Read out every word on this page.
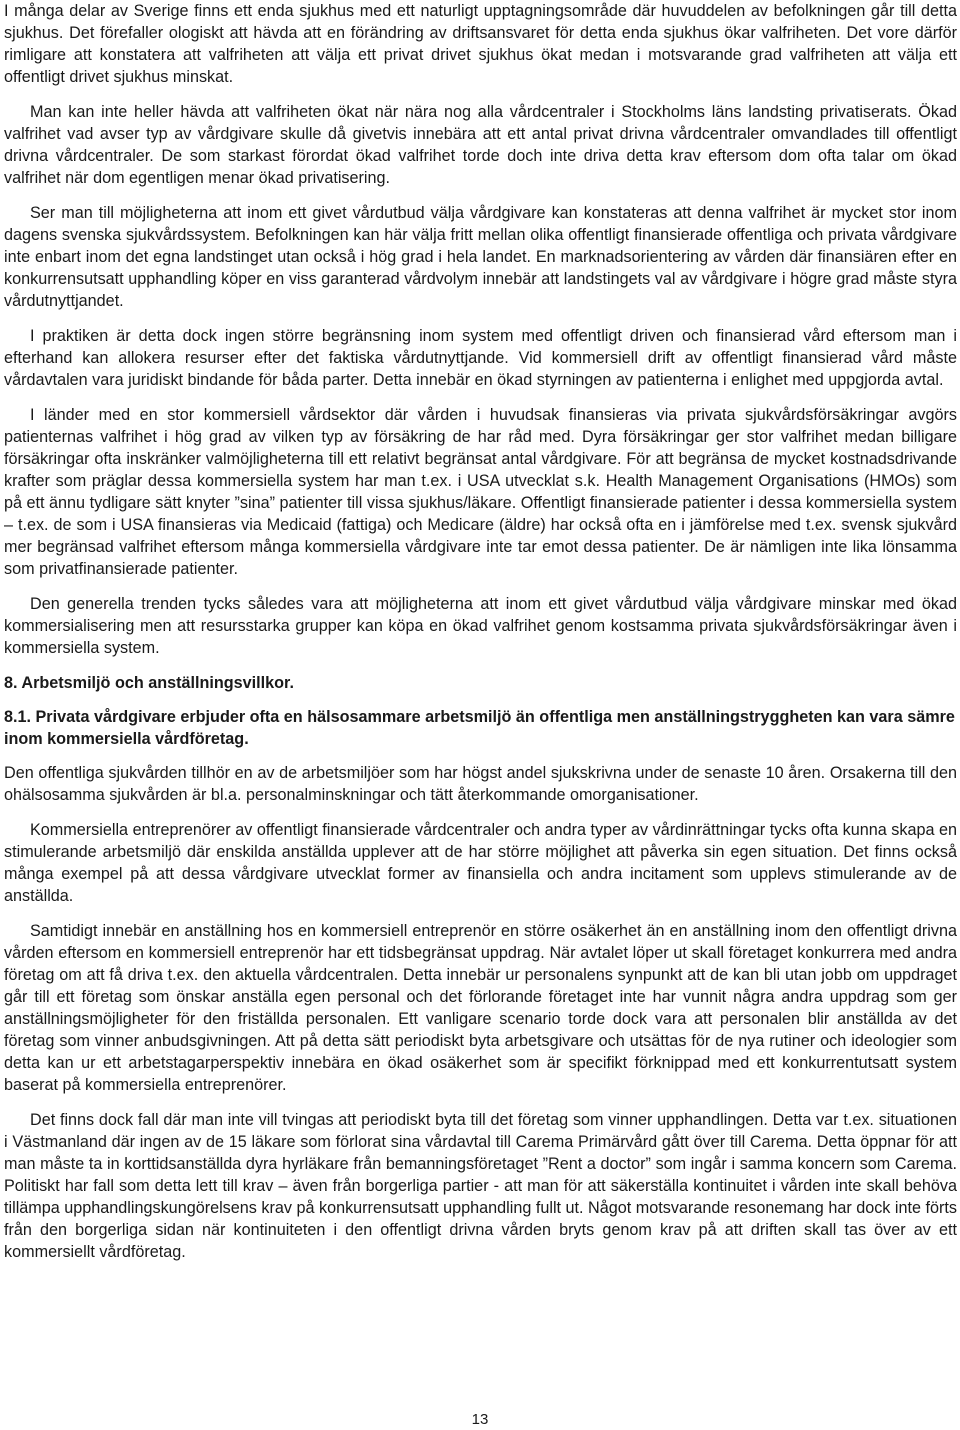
I många delar av Sverige finns ett enda sjukhus med ett naturligt upptagningsområde där huvuddelen av befolkningen går till detta sjukhus. Det förefaller ologiskt att hävda att en förändring av driftsansvaret för detta enda sjukhus ökar valfriheten. Det vore därför rimligare att konstatera att valfriheten att välja ett privat drivet sjukhus ökat medan i motsvarande grad valfriheten att välja ett offentligt drivet sjukhus minskat.

Man kan inte heller hävda att valfriheten ökat när nära nog alla vårdcentraler i Stockholms läns landsting privatiserats. Ökad valfrihet vad avser typ av vårdgivare skulle då givetvis innebära att ett antal privat drivna vårdcentraler omvandlades till offentligt drivna vårdcentraler. De som starkast förordat ökad valfrihet torde doch inte driva detta krav eftersom dom ofta talar om ökad valfrihet när dom egentligen menar ökad privatisering.

Ser man till möjligheterna att inom ett givet vårdutbud välja vårdgivare kan konstateras att denna valfrihet är mycket stor inom dagens svenska sjukvårdssystem. Befolkningen kan här välja fritt mellan olika offentligt finansierade offentliga och privata vårdgivare inte enbart inom det egna landstinget utan också i hög grad i hela landet. En marknadsorientering av vården där finansiären efter en konkurrensutsatt upphandling köper en viss garanterad vårdvolym innebär att landstingets val av vårdgivare i högre grad måste styra vårdutnyttjandet.

I praktiken är detta dock ingen större begränsning inom system med offentligt driven och finansierad vård eftersom man i efterhand kan allokera resurser efter det faktiska vårdutnyttjande. Vid kommersiell drift av offentligt finansierad vård måste vårdavtalen vara juridiskt bindande för båda parter. Detta innebär en ökad styrningen av patienterna i enlighet med uppgjorda avtal.

I länder med en stor kommersiell vårdsektor där vården i huvudsak finansieras via privata sjukvårdsförsäkringar avgörs patienternas valfrihet i hög grad av vilken typ av försäkring de har råd med. Dyra försäkringar ger stor valfrihet medan billigare försäkringar ofta inskränker valmöjligheterna till ett relativt begränsat antal vårdgivare. För att begränsa de mycket kostnadsdrivande krafter som präglar dessa kommersiella system har man t.ex. i USA utvecklat s.k. Health Management Organisations (HMOs) som på ett ännu tydligare sätt knyter ”sina” patienter till vissa sjukhus/läkare. Offentligt finansierade patienter i dessa kommersiella system – t.ex. de som i USA finansieras via Medicaid (fattiga) och Medicare (äldre) har också ofta en i jämförelse med t.ex. svensk sjukvård mer begränsad valfrihet eftersom många kommersiella vårdgivare inte tar emot dessa patienter. De är nämligen inte lika lönsamma som privatfinansierade patienter.

Den generella trenden tycks således vara att möjligheterna att inom ett givet vårdutbud välja vårdgivare minskar med ökad kommersialisering men att resursstarka grupper kan köpa en ökad valfrihet genom kostsamma privata sjukvårdsförsäkringar även i kommersiella system.

8. Arbetsmiljö och anställningsvillkor.
8.1. Privata vårdgivare erbjuder ofta en hälsosammare arbetsmiljö än offentliga men anställningstryggheten kan vara sämre inom kommersiella vårdföretag.

Den offentliga sjukvården tillhör en av de arbetsmiljöer som har högst andel sjukskrivna under de senaste 10 åren. Orsakerna till den ohälsosamma sjukvården är bl.a. personalminskningar och tätt återkommande omorganisationer.

Kommersiella entreprenörer av offentligt finansierade vårdcentraler och andra typer av vårdinrättningar tycks ofta kunna skapa en stimulerande arbetsmiljö där enskilda anställda upplever att de har större möjlighet att påverka sin egen situation. Det finns också många exempel på att dessa vårdgivare utvecklat former av finansiella och andra incitament som upplevs stimulerande av de anställda.

Samtidigt innebär en anställning hos en kommersiell entreprenör en större osäkerhet än en anställning inom den offentligt drivna vården eftersom en kommersiell entreprenör har ett tidsbegränsat uppdrag. När avtalet löper ut skall företaget konkurrera med andra företag om att få driva t.ex. den aktuella vårdcentralen. Detta innebär ur personalens synpunkt att de kan bli utan jobb om uppdraget går till ett företag som önskar anställa egen personal och det förlorande företaget inte har vunnit några andra uppdrag som ger anställningsmöjligheter för den friställda personalen. Ett vanligare scenario torde dock vara att personalen blir anställda av det företag som vinner anbudsgivningen. Att på detta sätt periodiskt byta arbetsgivare och utsättas för de nya rutiner och ideologier som detta kan ur ett arbetstagarperspektiv innebära en ökad osäkerhet som är specifikt förknippad med ett konkurrentutsatt system baserat på kommersiella entreprenörer.

Det finns dock fall där man inte vill tvingas att periodiskt byta till det företag som vinner upphandlingen. Detta var t.ex. situationen i Västmanland där ingen av de 15 läkare som förlorat sina vårdavtal till Carema Primärvård gått över till Carema. Detta öppnar för att man måste ta in korttidsanställda dyra hyrläkare från bemanningsföretaget ”Rent a doctor” som ingår i samma koncern som Carema. Politiskt har fall som detta lett till krav – även från borgerliga partier - att man för att säkerställa kontinuitet i vården inte skall behöva tillämpa upphandlingskungörelsens krav på konkurrensutsatt upphandling fullt ut. Något motsvarande resonemang har dock inte förts från den borgerliga sidan när kontinuiteten i den offentligt drivna vården bryts genom krav på att driften skall tas över av ett kommersiellt vårdföretag.

13
